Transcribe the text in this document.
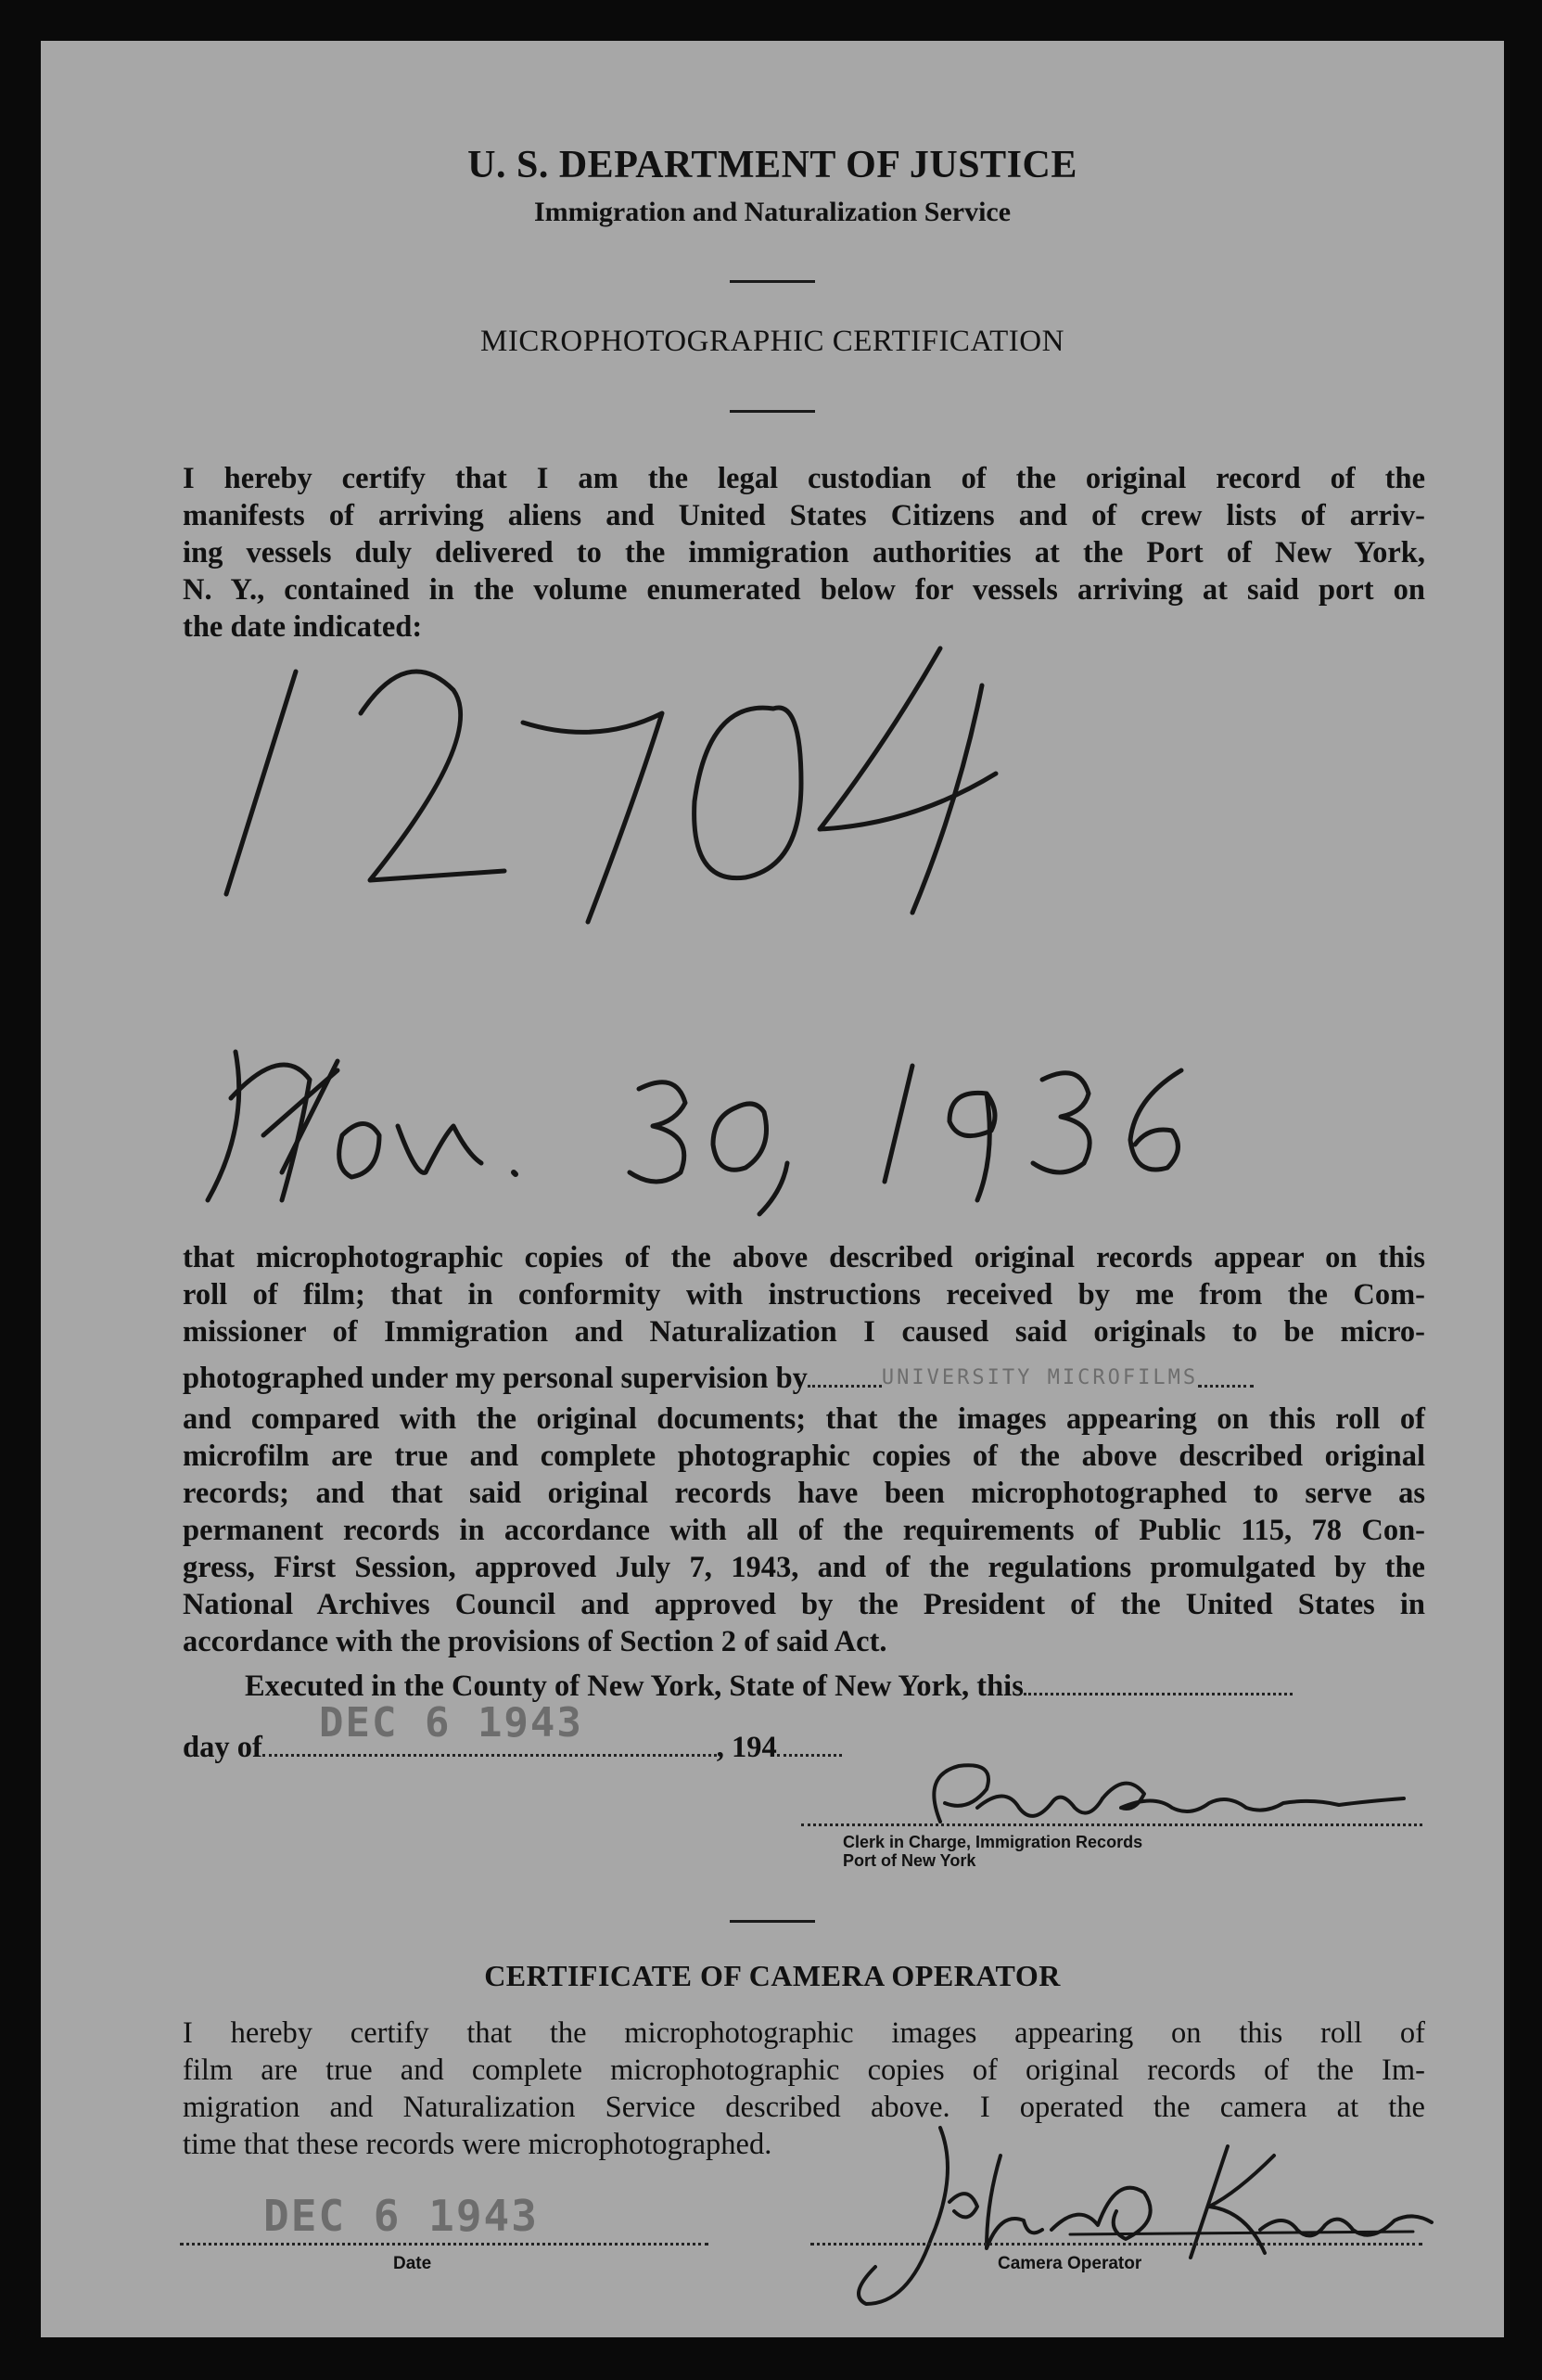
U. S. DEPARTMENT OF JUSTICE
Immigration and Naturalization Service
MICROPHOTOGRAPHIC CERTIFICATION

I hereby certify that I am the legal custodian of the original record of the

manifests of arriving aliens and United States Citizens and of crew lists of arriv-

ing vessels duly delivered to the immigration authorities at the Port of New York,

N. Y., contained in the volume enumerated below for vessels arriving at said port on

the date indicated:

that microphotographic copies of the above described original records appear on this

roll of film; that in conformity with instructions received by me from the Com-

missioner of Immigration and Naturalization I caused said originals to be micro-

photographed under my personal supervision by	UNIVERSITY MICROFILMS

and compared with the original documents; that the images appearing on this roll of

microfilm are true and complete photographic copies of the above described original

records; and that said original records have been microphotographed to serve as

permanent records in accordance with all of the requirements of Public 115, 78 Con-

gress, First Session, approved July 7, 1943, and of the regulations promulgated by the

National Archives Council and approved by the President of the United States in

accordance with the provisions of Section 2 of said Act.

Executed in the County of New York, State of New York, this
DEC 6 1943
day of	, 194
Clerk in Charge, Immigration Records
Port of New York
CERTIFICATE OF CAMERA OPERATOR

I hereby certify that the microphotographic images appearing on this roll of

film are true and complete microphotographic copies of original records of the Im-

migration and Naturalization Service described above. I operated the camera at the

time that these records were microphotographed.

DEC 6 1943
Date	Camera Operator
